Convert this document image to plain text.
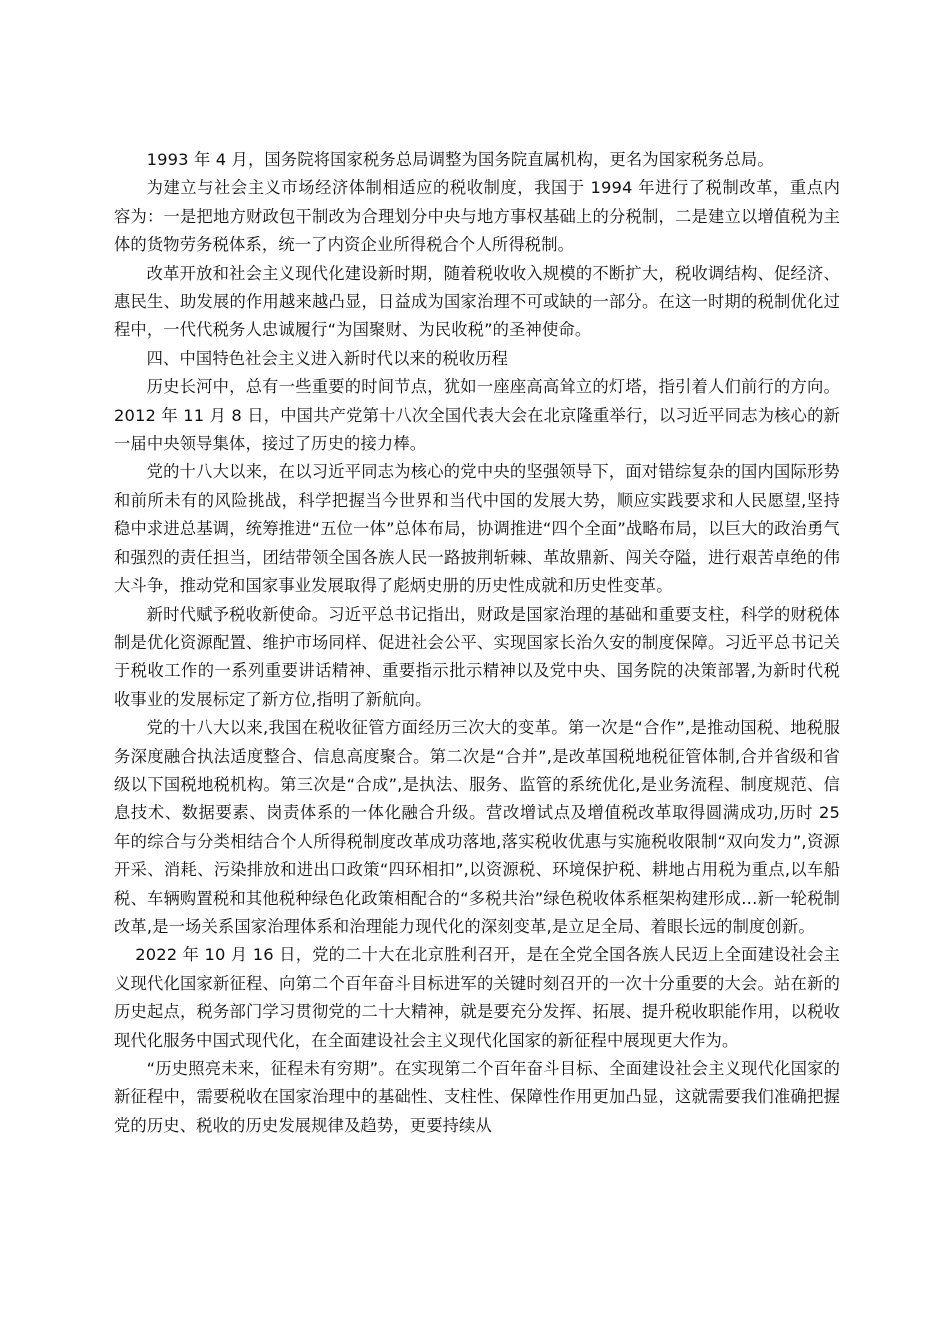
1993 年 4 月，国务院将国家税务总局调整为国务院直属机构，更名为国家税务总局。

为建立与社会主义市场经济体制相适应的税收制度，我国于 1994 年进行了税制改革，重点内容为：一是把地方财政包干制改为合理划分中央与地方事权基础上的分税制，二是建立以增值税为主体的货物劳务税体系，统一了内资企业所得税合个人所得税制。

改革开放和社会主义现代化建设新时期，随着税收收入规模的不断扩大，税收调结构、促经济、惠民生、助发展的作用越来越凸显，日益成为国家治理不可或缺的一部分。在这一时期的税制优化过程中，一代代税务人忠诚履行“为国聚财、为民收税”的圣神使命。

四、中国特色社会主义进入新时代以来的税收历程

历史长河中，总有一些重要的时间节点，犹如一座座高高耸立的灯塔，指引着人们前行的方向。2012 年 11 月 8 日，中国共产党第十八次全国代表大会在北京隆重举行，以习近平同志为核心的新一届中央领导集体，接过了历史的接力棒。

党的十八大以来，在以习近平同志为核心的党中央的坚强领导下，面对错综复杂的国内国际形势和前所未有的风险挑战，科学把握当今世界和当代中国的发展大势，顺应实践要求和人民愿望,坚持稳中求进总基调，统筹推进“五位一体”总体布局，协调推进“四个全面”战略布局，以巨大的政治勇气和强烈的责任担当，团结带领全国各族人民一路披荆斩棘、革故鼎新、闯关夺隘，进行艰苦卓绝的伟大斗争，推动党和国家事业发展取得了彪炳史册的历史性成就和历史性变革。

新时代赋予税收新使命。习近平总书记指出，财政是国家治理的基础和重要支柱，科学的财税体制是优化资源配置、维护市场同样、促进社会公平、实现国家长治久安的制度保障。习近平总书记关于税收工作的一系列重要讲话精神、重要指示批示精神以及党中央、国务院的决策部署,为新时代税收事业的发展标定了新方位,指明了新航向。

党的十八大以来,我国在税收征管方面经历三次大的变革。第一次是“合作”,是推动国税、地税服务深度融合执法适度整合、信息高度聚合。第二次是“合并”,是改革国税地税征管体制,合并省级和省级以下国税地税机构。第三次是“合成”,是执法、服务、监管的系统优化,是业务流程、制度规范、信息技术、数据要素、岗责体系的一体化融合升级。营改增试点及增值税改革取得圆满成功,历时 25 年的综合与分类相结合个人所得税制度改革成功落地,落实税收优惠与实施税收限制“双向发力”,资源开采、消耗、污染排放和进出口政策“四环相扣”,以资源税、环境保护税、耕地占用税为重点,以车船税、车辆购置税和其他税种绿色化政策相配合的“多税共治”绿色税收体系框架构建形成…新一轮税制改革,是一场关系国家治理体系和治理能力现代化的深刻变革,是立足全局、着眼长远的制度创新。

2022 年 10 月 16 日，党的二十大在北京胜利召开，是在全党全国各族人民迈上全面建设社会主义现代化国家新征程、向第二个百年奋斗目标进军的关键时刻召开的一次十分重要的大会。站在新的历史起点，税务部门学习贯彻党的二十大精神，就是要充分发挥、拓展、提升税收职能作用，以税收现代化服务中国式现代化，在全面建设社会主义现代化国家的新征程中展现更大作为。

“历史照亮未来，征程未有穷期”。在实现第二个百年奋斗目标、全面建设社会主义现代化国家的新征程中，需要税收在国家治理中的基础性、支柱性、保障性作用更加凸显，这就需要我们准确把握党的历史、税收的历史发展规律及趋势，更要持续从
